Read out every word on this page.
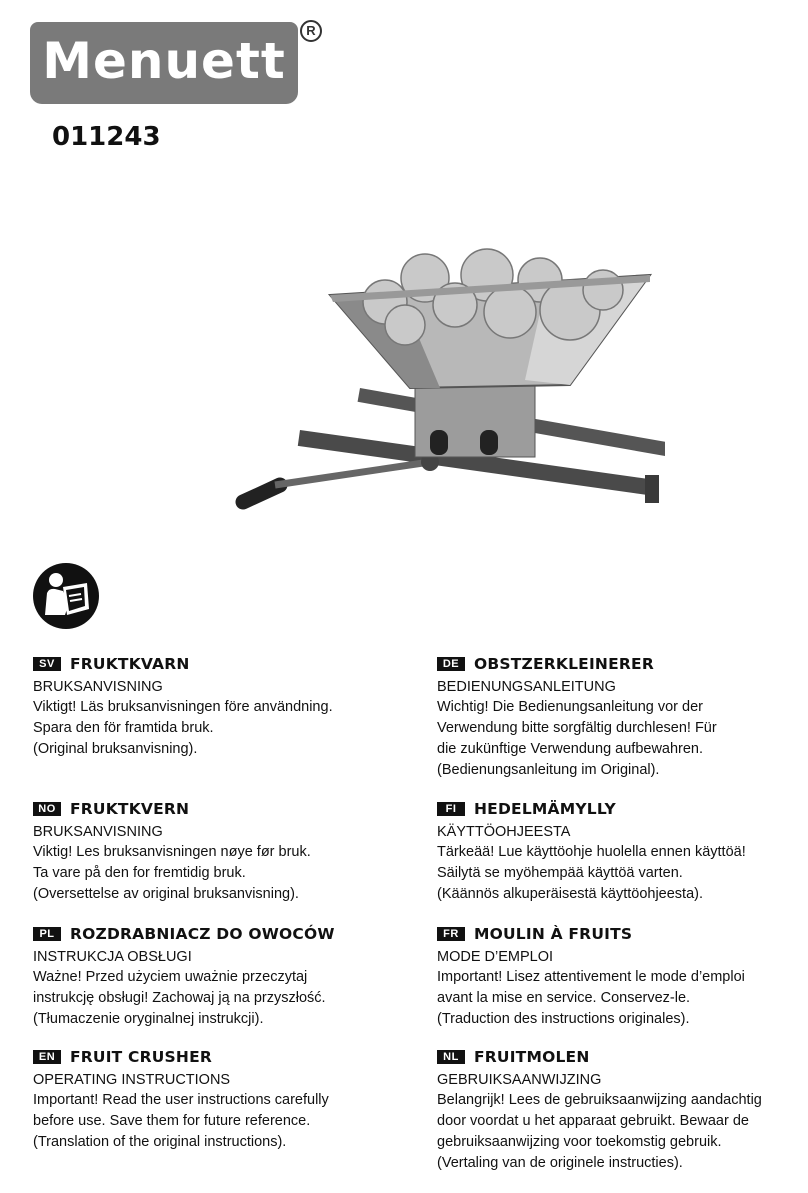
Menuett
R
011243
SV FRUKTKVARN
BRUKSANVISNING
Viktigt! Läs bruksanvisningen före användning.
Spara den för framtida bruk.
(Original bruksanvisning).
NO FRUKTKVERN
BRUKSANVISNING
Viktig! Les bruksanvisningen nøye før bruk.
Ta vare på den for fremtidig bruk.
(Oversettelse av original bruksanvisning).
PL ROZDRABNIACZ DO OWOCÓW
INSTRUKCJA OBSŁUGI
Ważne! Przed użyciem uważnie przeczytaj
instrukcję obsługi! Zachowaj ją na przyszłość.
(Tłumaczenie oryginalnej instrukcji).
EN FRUIT CRUSHER
OPERATING INSTRUCTIONS
Important! Read the user instructions carefully
before use. Save them for future reference.
(Translation of the original instructions).
DE OBSTZERKLEINERER
BEDIENUNGSANLEITUNG
Wichtig! Die Bedienungsanleitung vor der
Verwendung bitte sorgfältig durchlesen! Für
die zukünftige Verwendung aufbewahren.
(Bedienungsanleitung im Original).
FI	HEDELMÄMYLLY
KÄYTTÖOHJEESTA
Tärkeää! Lue käyttöohje huolella ennen käyttöä!
Säilytä se myöhempää käyttöä varten.
(Käännös alkuperäisestä käyttöohjeesta).
FR MOULIN À FRUITS
MODE D’EMPLOI
Important! Lisez attentivement le mode d’emploi
avant la mise en service. Conservez-le.
(Traduction des instructions originales).
NL FRUITMOLEN
GEBRUIKSAANWIJZING
Belangrijk! Lees de gebruiksaanwijzing aandachtig
door voordat u het apparaat gebruikt. Bewaar de
gebruiksaanwijzing voor toekomstig gebruik.
(Vertaling van de originele instructies).
